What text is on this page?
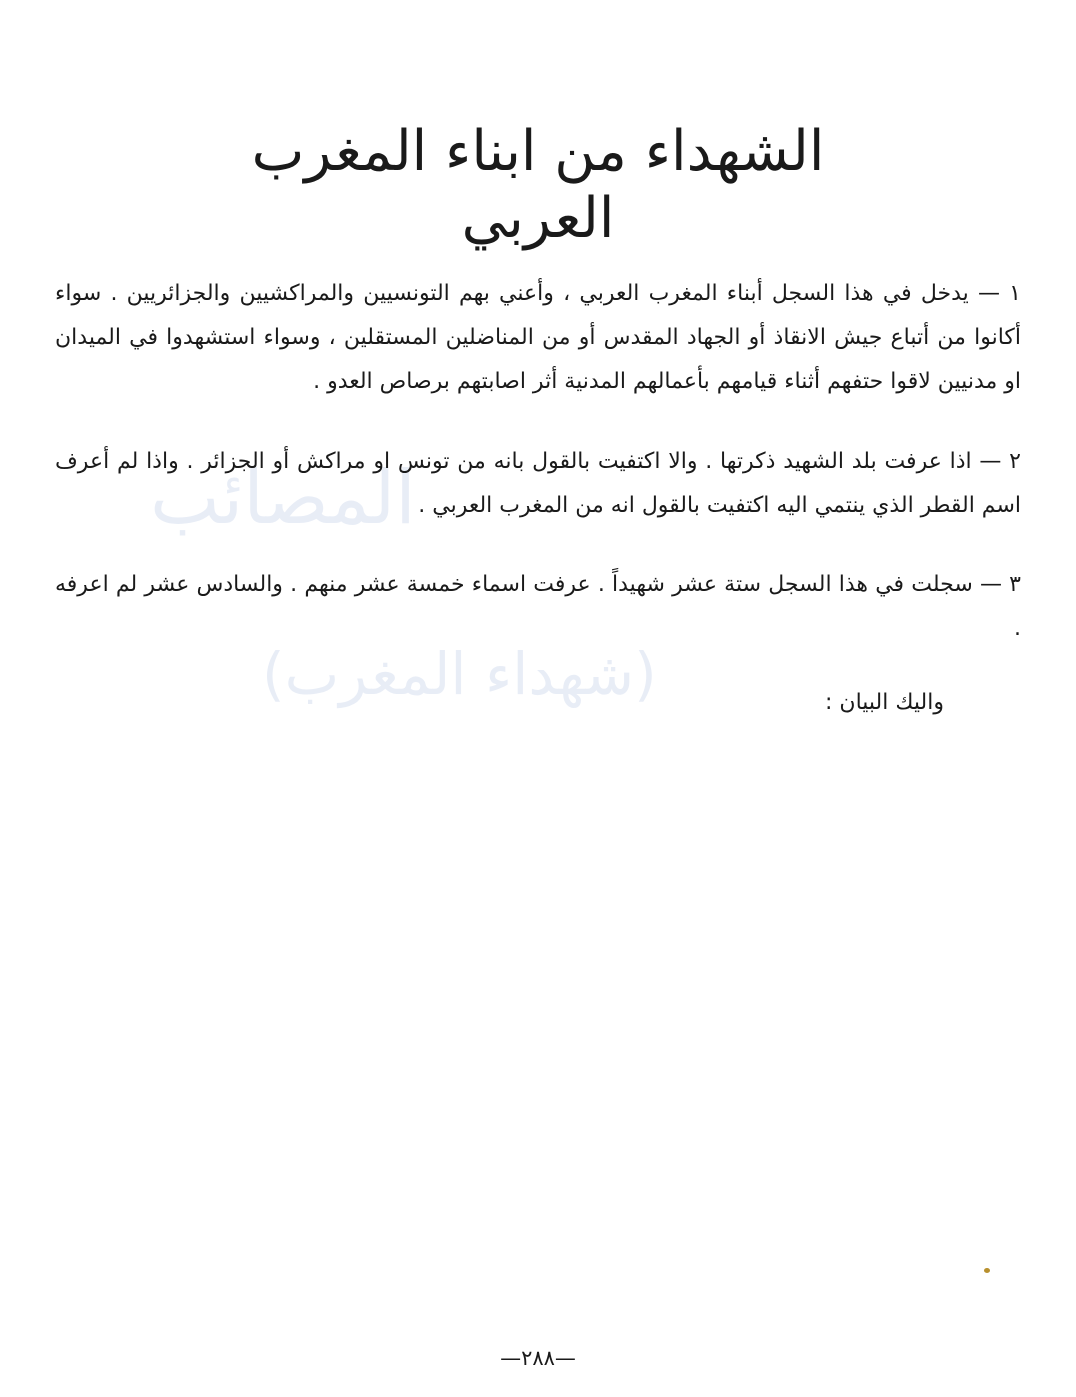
ﺍﻟﻤﺼﺎﺋﺐ
(ﺷﻬﺪﺍﺀ ﺍﻟﻤﻐﺮﺏ)
الشهداء من ابناء المغرب العربي

١ — يدخل في هذا السجل أبناء المغرب العربي ، وأعني بهم التونسيين والمراكشيين والجزائريين . سواء أكانوا من أتباع جيش الانقاذ أو الجهاد المقدس أو من المناضلين المستقلين ، وسواء استشهدوا في الميدان او مدنيين لاقوا حتفهم أثناء قيامهم بأعمالهم المدنية أثر اصابتهم برصاص العدو .

٢ — اذا عرفت بلد الشهيد ذكرتها . والا اكتفيت بالقول بانه من تونس او مراكش أو الجزائر . واذا لم أعرف اسم القطر الذي ينتمي اليه اكتفيت بالقول انه من المغرب العربي .

٣ — سجلت في هذا السجل ستة عشر شهيداً . عرفت اسماء خمسة عشر منهم . والسادس عشر لم اعرفه .

واليك البيان :

—٢٨٨—
